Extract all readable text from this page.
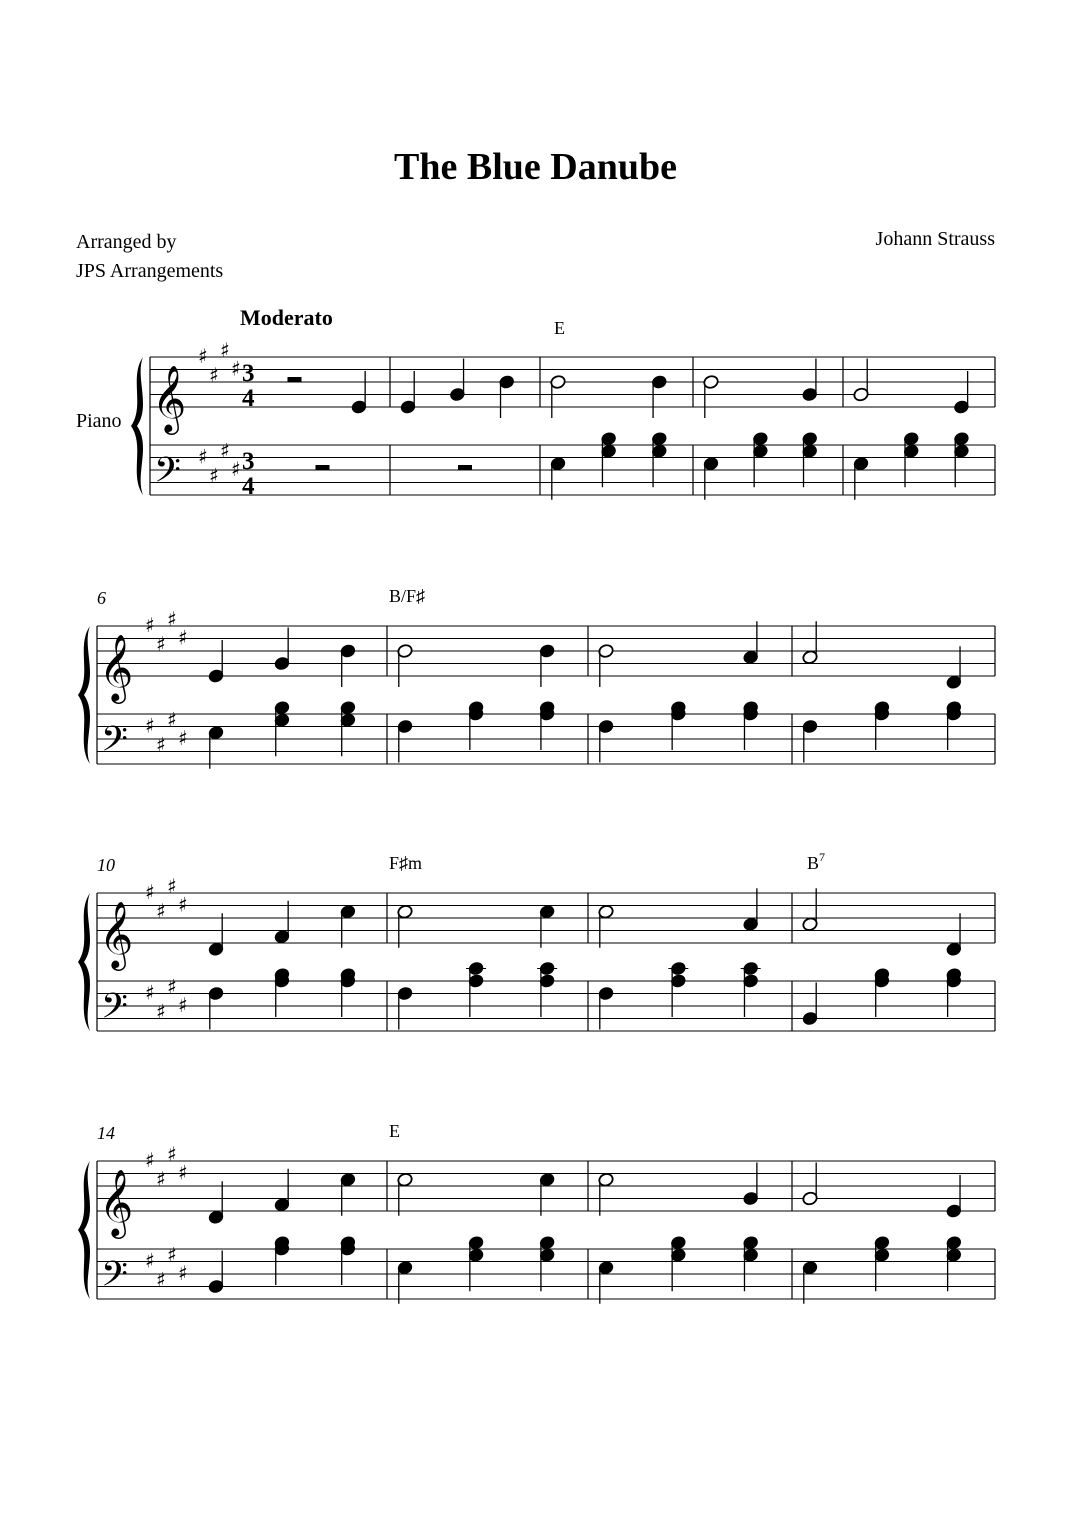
The Blue Danube
Arranged by
JPS Arrangements
Johann Strauss
𝄞
♯
♯
♯
♯
𝄢 ♯
♯
♯
♯
3
4
3
4
Moderato
Piano
E
𝄞
♯
♯
♯
♯
𝄢 ♯
♯
♯
♯
6	B/F♯
𝄞
♯
♯
♯
♯
𝄢 ♯
♯
♯
♯
10	F♯m	B 7
𝄞
♯
♯
♯
♯
𝄢 ♯
♯
♯
♯
14	E
